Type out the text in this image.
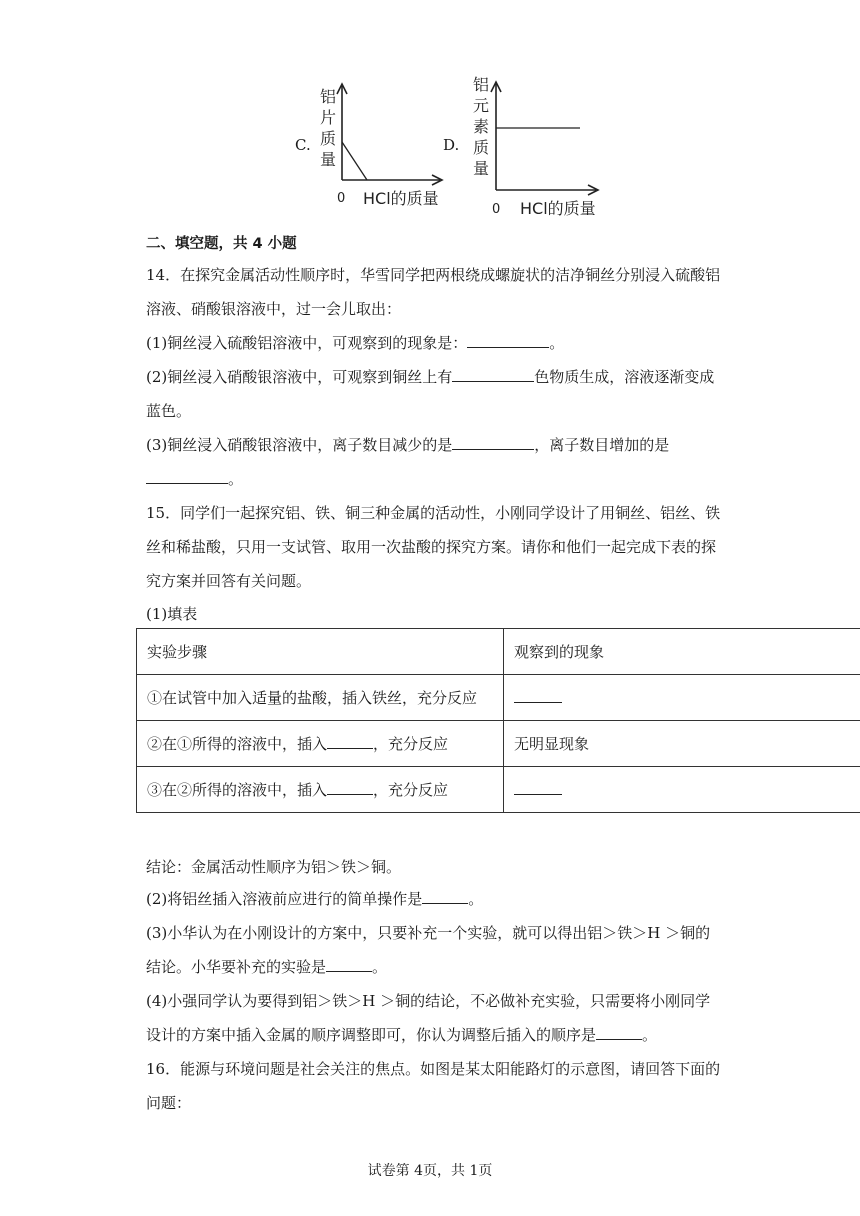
C.
铝
片
质
量
0 HCl的质量
D.
铝
元
素
质
量
0 HCl的质量
二、填空题，共 4 小题
14．在探究金属活动性顺序时，华雪同学把两根绕成螺旋状的洁净铜丝分别浸入硫酸铝
溶液、硝酸银溶液中，过一会儿取出：
(1)铜丝浸入硫酸铝溶液中，可观察到的现象是：	。
(2)铜丝浸入硝酸银溶液中，可观察到铜丝上有	色物质生成，溶液逐渐变成
蓝色。
(3)铜丝浸入硝酸银溶液中，离子数目减少的是	，离子数目增加的是
。
15．同学们一起探究铝、铁、铜三种金属的活动性，小刚同学设计了用铜丝、铝丝、铁
丝和稀盐酸，只用一支试管、取用一次盐酸的探究方案。请你和他们一起完成下表的探
究方案并回答有关问题。
(1)填表
实验步骤	观察到的现象
①在试管中加入适量的盐酸，插入铁丝，充分反应	
②在①所得的溶液中，插入 ，充分反应	无明显现象
③在②所得的溶液中，插入 ，充分反应	
结论：金属活动性顺序为铝＞铁＞铜。
(2)将铝丝插入溶液前应进行的简单操作是	。
(3)小华认为在小刚设计的方案中，只要补充一个实验，就可以得出铝＞铁＞H ＞铜的
结论。小华要补充的实验是	。
(4)小强同学认为要得到铝＞铁＞H ＞铜的结论，不必做补充实验，只需要将小刚同学
设计的方案中插入金属的顺序调整即可，你认为调整后插入的顺序是	。
16．能源与环境问题是社会关注的焦点。如图是某太阳能路灯的示意图，请回答下面的
问题：
试卷第 4页，共 1页
